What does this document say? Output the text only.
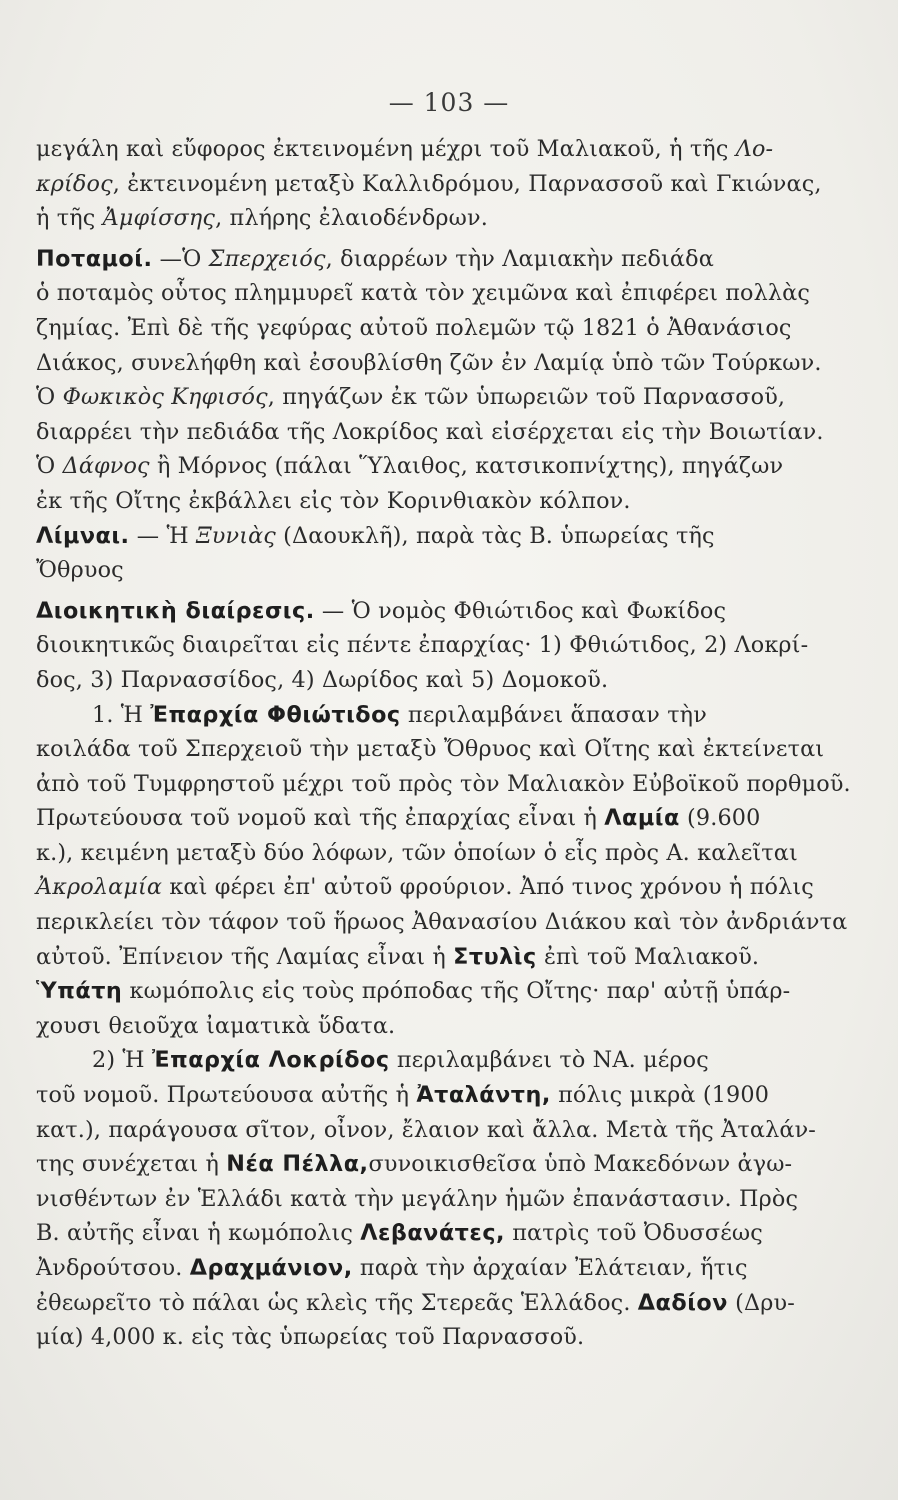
— 103 —
μεγάλη καὶ εὔφορος ἐκτεινομένη μέχρι τοῦ Μαλιακοῦ, ἡ τῆς Λο-
κρίδος, ἐκτεινομένη μεταξὺ Καλλιδρόμου, Παρνασσοῦ καὶ Γκιώνας,
ἡ τῆς Ἀμφίσσης, πλήρης ἐλαιοδένδρων.
Ποταμοί. —Ὁ Σπερχειός, διαρρέων τὴν Λαμιακὴν πεδιάδα
ὁ ποταμὸς οὗτος πλημμυρεῖ κατὰ τὸν χειμῶνα καὶ ἐπιφέρει πολλὰς
ζημίας. Ἐπὶ δὲ τῆς γεφύρας αὐτοῦ πολεμῶν τῷ 1821 ὁ Ἀθανάσιος
Διάκος, συνελήφθη καὶ ἐσουβλίσθη ζῶν ἐν Λαμίᾳ ὑπὸ τῶν Τούρκων.
Ὁ Φωκικὸς Κηφισός, πηγάζων ἐκ τῶν ὑπωρειῶν τοῦ Παρνασσοῦ,
διαρρέει τὴν πεδιάδα τῆς Λοκρίδος καὶ εἰσέρχεται εἰς τὴν Βοιωτίαν.
Ὁ Δάφνος ἢ Μόρνος (πάλαι Ὕλαιθος, κατσικοπνίχτης), πηγάζων
ἐκ τῆς Οἴτης ἐκβάλλει εἰς τὸν Κορινθιακὸν κόλπον.
Λίμναι. — Ἡ Ξυνιὰς (Δαουκλῆ), παρὰ τὰς Β. ὑπωρείας τῆς
Ὄθρυος
Διοικητικὴ διαίρεσις. — Ὁ νομὸς Φθιώτιδος καὶ Φωκίδος
διοικητικῶς διαιρεῖται εἰς πέντε ἐπαρχίας· 1) Φθιώτιδος, 2) Λοκρί-
δος, 3) Παρνασσίδος, 4) Δωρίδος καὶ 5) Δομοκοῦ.
1. Ἡ Ἐπαρχία Φθιώτιδος περιλαμβάνει ἅπασαν τὴν
κοιλάδα τοῦ Σπερχειοῦ τὴν μεταξὺ Ὄθρυος καὶ Οἴτης καὶ ἐκτείνεται
ἀπὸ τοῦ Τυμφρηστοῦ μέχρι τοῦ πρὸς τὸν Μαλιακὸν Εὐβοϊκοῦ πορθμοῦ.
Πρωτεύουσα τοῦ νομοῦ καὶ τῆς ἐπαρχίας εἶναι ἡ Λαμία (9.600
κ.), κειμένη μεταξὺ δύο λόφων, τῶν ὁποίων ὁ εἷς πρὸς Α. καλεῖται
Ἀκρολαμία καὶ φέρει ἐπ' αὐτοῦ φρούριον. Ἀπό τινος χρόνου ἡ πόλις
περικλείει τὸν τάφον τοῦ ἥρωος Ἀθανασίου Διάκου καὶ τὸν ἀνδριάντα
αὐτοῦ. Ἐπίνειον τῆς Λαμίας εἶναι ἡ Στυλὶς ἐπὶ τοῦ Μαλιακοῦ.
Ὑπάτη κωμόπολις εἰς τοὺς πρόποδας τῆς Οἴτης· παρ' αὐτῇ ὑπάρ-
χουσι θειοῦχα ἰαματικὰ ὕδατα.
2) Ἡ Ἐπαρχία Λοκρίδος περιλαμβάνει τὸ ΝΑ. μέρος
τοῦ νομοῦ. Πρωτεύουσα αὐτῆς ἡ Ἀταλάντη, πόλις μικρὰ (1900
κατ.), παράγουσα σῖτον, οἶνον, ἔλαιον καὶ ἄλλα. Μετὰ τῆς Ἀταλάν-
της συνέχεται ἡ Νέα Πέλλα,συνοικισθεῖσα ὑπὸ Μακεδόνων ἀγω-
νισθέντων ἐν Ἑλλάδι κατὰ τὴν μεγάλην ἡμῶν ἐπανάστασιν. Πρὸς
Β. αὐτῆς εἶναι ἡ κωμόπολις Λεβανάτες, πατρὶς τοῦ Ὀδυσσέως
Ἀνδρούτσου. Δραχμάνιον, παρὰ τὴν ἀρχαίαν Ἐλάτειαν, ἥτις
ἐθεωρεῖτο τὸ πάλαι ὡς κλεὶς τῆς Στερεᾶς Ἑλλάδος. Δαδίον (Δρυ-
μία) 4,000 κ. εἰς τὰς ὑπωρείας τοῦ Παρνασσοῦ.
